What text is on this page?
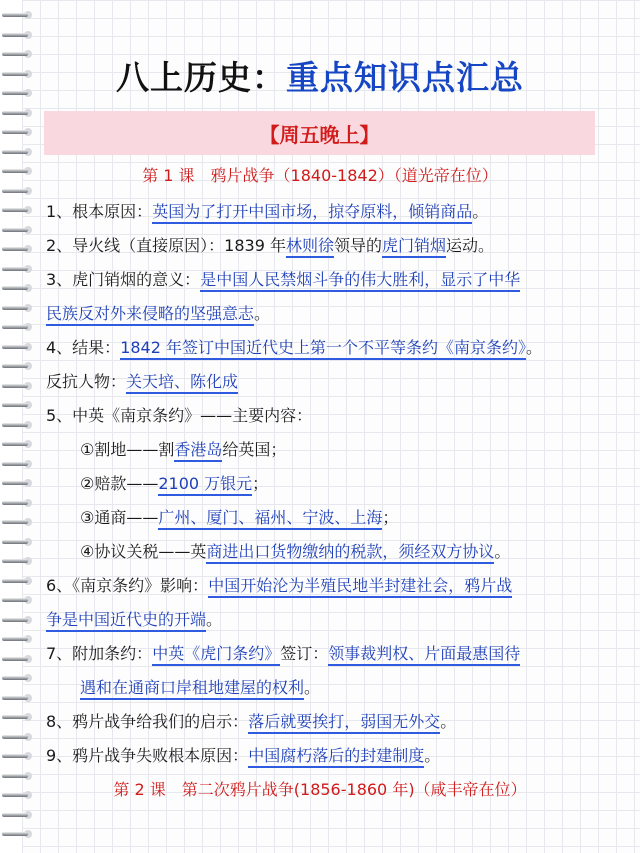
八上历史：重点知识点汇总
【周五晚上】
第 1 课　鸦片战争（1840-1842）（道光帝在位）
1、根本原因：英国为了打开中国市场，掠夺原料，倾销商品。
2、导火线（直接原因）：1839 年林则徐领导的虎门销烟运动。
3、虎门销烟的意义：是中国人民禁烟斗争的伟大胜利，显示了中华
民族反对外来侵略的坚强意志。
4、结果：1842 年签订中国近代史上第一个不平等条约《南京条约》。
反抗人物：关天培、陈化成
5、中英《南京条约》——主要内容：
①割地——割香港岛给英国；
②赔款——2100 万银元；
③通商——广州、厦门、福州、宁波、上海；
④协议关税——英商进出口货物缴纳的税款，须经双方协议。
6、《南京条约》影响：中国开始沦为半殖民地半封建社会，鸦片战
争是中国近代史的开端。
7、附加条约：中英《虎门条约》签订：领事裁判权、片面最惠国待
遇和在通商口岸租地建屋的权利。
8、鸦片战争给我们的启示：落后就要挨打，弱国无外交。
9、鸦片战争失败根本原因：中国腐朽落后的封建制度。
第 2 课　第二次鸦片战争(1856-1860 年)（咸丰帝在位）
